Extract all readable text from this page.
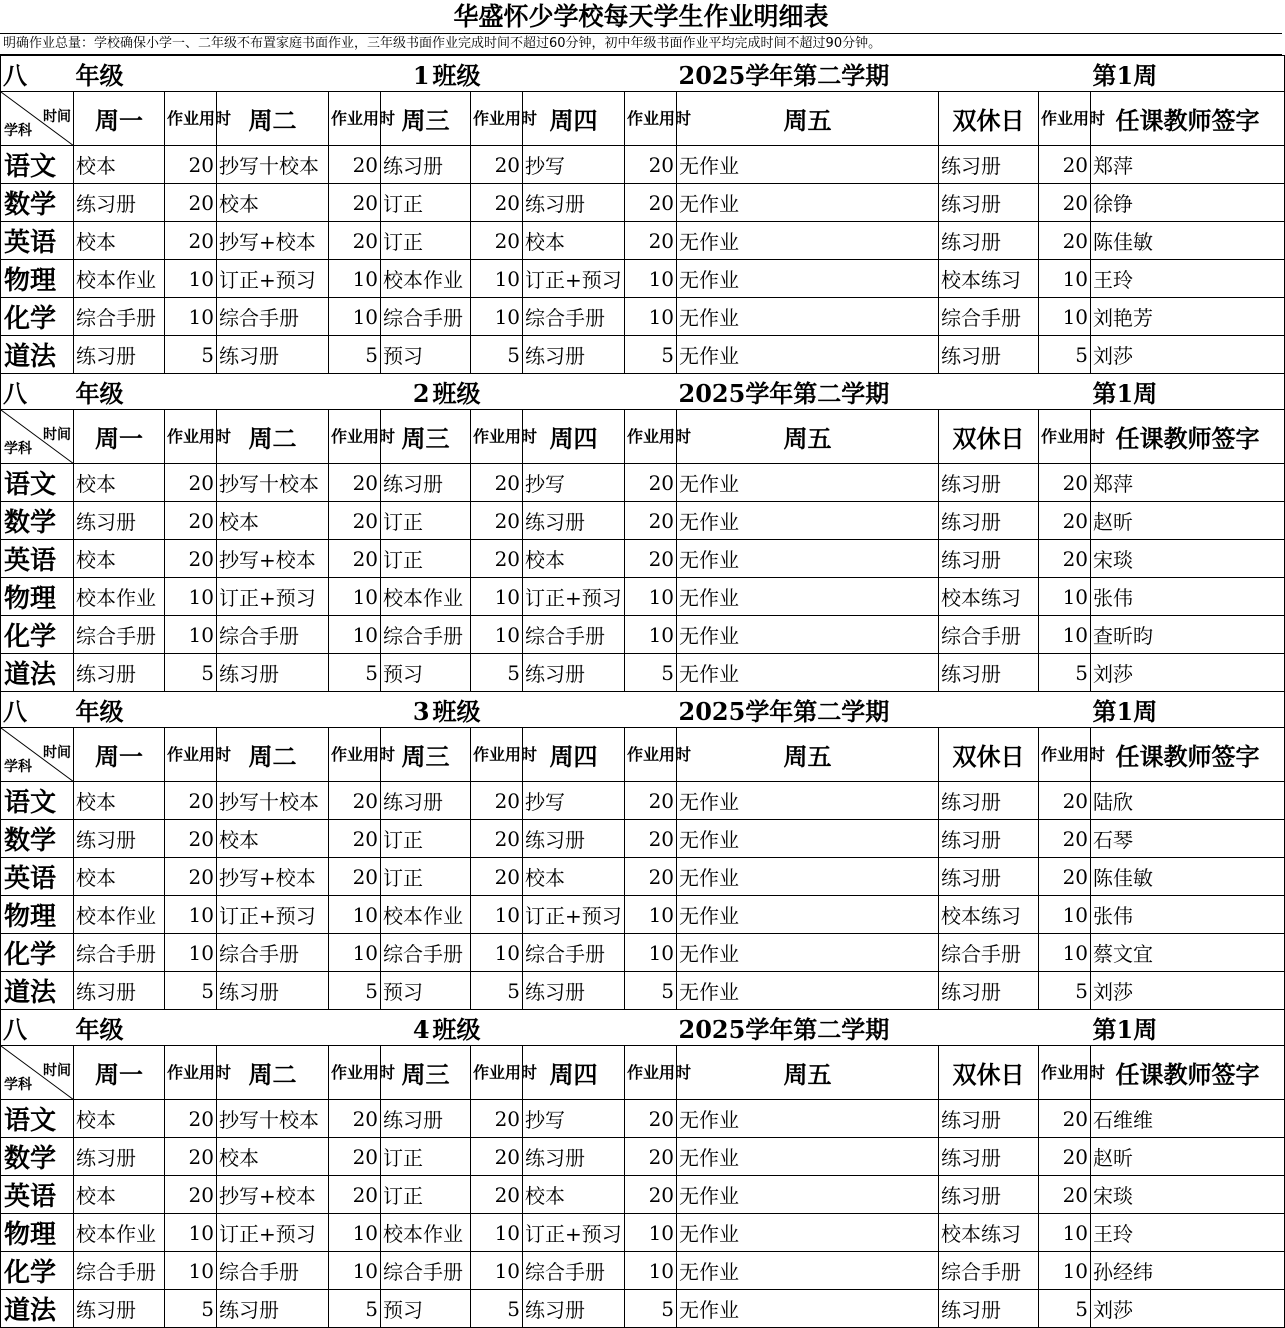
华盛怀少学校每天学生作业明细表
明确作业总量：学校确保小学一、二年级不布置家庭书面作业，三年级书面作业完成时间不超过60分钟，初中年级书面作业平均完成时间不超过90分钟。
八	年级				1 班级				2025学年第二学期			第1周

时间
学科	周一	作业用时	周二	作业用时	周三	作业用时	周四	作业用时	周五	双休日	作业用时	任课教师签字
语文	校本	20	抄写十校本	20	练习册	20	抄写	20	无作业	练习册	20	郑萍
数学	练习册	20	校本	20	订正	20	练习册	20	无作业	练习册	20	徐铮
英语	校本	20	抄写+校本	20	订正	20	校本	20	无作业	练习册	20	陈佳敏
物理	校本作业	10	订正+预习	10	校本作业	10	订正+预习	10	无作业	校本练习	10	王玲
化学	综合手册	10	综合手册	10	综合手册	10	综合手册	10	无作业	综合手册	10	刘艳芳
道法	练习册	5	练习册	5	预习	5	练习册	5	无作业	练习册	5	刘莎
八	年级				2 班级				2025学年第二学期			第1周

时间
学科	周一	作业用时	周二	作业用时	周三	作业用时	周四	作业用时	周五	双休日	作业用时	任课教师签字
语文	校本	20	抄写十校本	20	练习册	20	抄写	20	无作业	练习册	20	郑萍
数学	练习册	20	校本	20	订正	20	练习册	20	无作业	练习册	20	赵昕
英语	校本	20	抄写+校本	20	订正	20	校本	20	无作业	练习册	20	宋琰
物理	校本作业	10	订正+预习	10	校本作业	10	订正+预习	10	无作业	校本练习	10	张伟
化学	综合手册	10	综合手册	10	综合手册	10	综合手册	10	无作业	综合手册	10	查昕昀
道法	练习册	5	练习册	5	预习	5	练习册	5	无作业	练习册	5	刘莎
八	年级				3 班级				2025学年第二学期			第1周

时间
学科	周一	作业用时	周二	作业用时	周三	作业用时	周四	作业用时	周五	双休日	作业用时	任课教师签字
语文	校本	20	抄写十校本	20	练习册	20	抄写	20	无作业	练习册	20	陆欣
数学	练习册	20	校本	20	订正	20	练习册	20	无作业	练习册	20	石琴
英语	校本	20	抄写+校本	20	订正	20	校本	20	无作业	练习册	20	陈佳敏
物理	校本作业	10	订正+预习	10	校本作业	10	订正+预习	10	无作业	校本练习	10	张伟
化学	综合手册	10	综合手册	10	综合手册	10	综合手册	10	无作业	综合手册	10	蔡文宜
道法	练习册	5	练习册	5	预习	5	练习册	5	无作业	练习册	5	刘莎
八	年级				4 班级				2025学年第二学期			第1周

时间
学科	周一	作业用时	周二	作业用时	周三	作业用时	周四	作业用时	周五	双休日	作业用时	任课教师签字
语文	校本	20	抄写十校本	20	练习册	20	抄写	20	无作业	练习册	20	石维维
数学	练习册	20	校本	20	订正	20	练习册	20	无作业	练习册	20	赵昕
英语	校本	20	抄写+校本	20	订正	20	校本	20	无作业	练习册	20	宋琰
物理	校本作业	10	订正+预习	10	校本作业	10	订正+预习	10	无作业	校本练习	10	王玲
化学	综合手册	10	综合手册	10	综合手册	10	综合手册	10	无作业	综合手册	10	孙经纬
道法	练习册	5	练习册	5	预习	5	练习册	5	无作业	练习册	5	刘莎
